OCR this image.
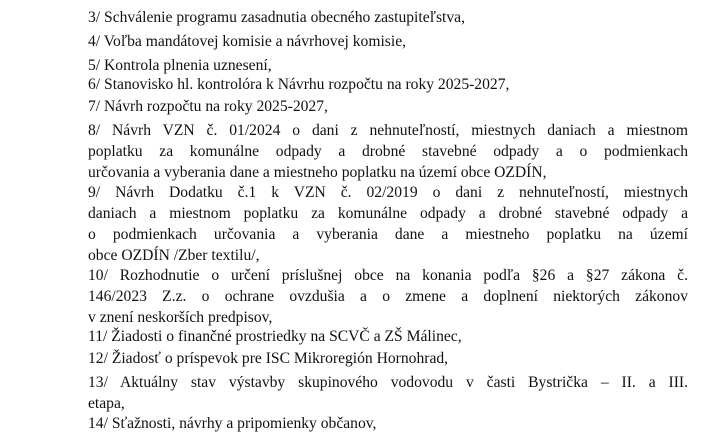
3/ Schválenie programu zasadnutia obecného zastupiteľstva,
4/ Voľba mandátovej komisie a návrhovej komisie,
5/ Kontrola plnenia uznesení,
6/ Stanovisko hl. kontrolóra k Návrhu rozpočtu na roky 2025-2027,
7/ Návrh rozpočtu na roky 2025-2027,
8/ Návrh VZN č. 01/2024 o dani z nehnuteľností, miestnych daniach a miestnom
poplatku za komunálne odpady a drobné stavebné odpady a o podmienkach
určovania a vyberania dane a miestneho poplatku na území obce OZDÍN,
9/ Návrh Dodatku č.1 k VZN č. 02/2019 o dani z nehnuteľností, miestnych
daniach a miestnom poplatku za komunálne odpady a drobné stavebné odpady a
o podmienkach určovania a vyberania dane a miestneho poplatku na území
obce OZDÍN /Zber textilu/,
10/ Rozhodnutie o určení príslušnej obce na konania podľa §26 a §27 zákona č.
146/2023 Z.z. o ochrane ovzdušia a o zmene a doplnení niektorých zákonov
v znení neskorších predpisov,
11/ Žiadosti o finančné prostriedky na SCVČ a ZŠ Málinec,
12/ Žiadosť o príspevok pre ISC Mikroregión Hornohrad,
13/ Aktuálny stav výstavby skupinového vodovodu v časti Bystrička – II. a III.
etapa,
14/ Sťažnosti, návrhy a pripomienky občanov,
